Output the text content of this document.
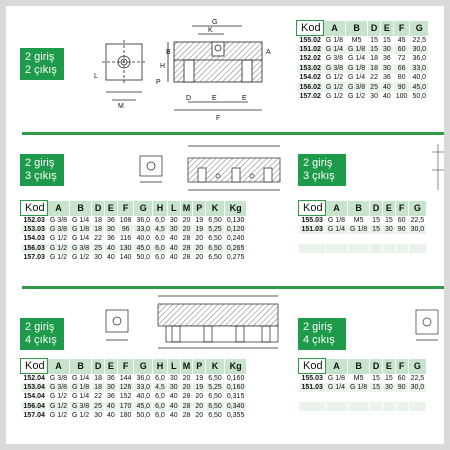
2 giriş
2 çıkış
G
K
A
L
M
H
B
E
D	E
F
P
Kod	A	B	D	E	F	G
155.02	G 1/8	M5	15	15	45	22,5
151.02	G 1/4	G 1/8	15	30	60	30,0
152.02	G 3/8	G 1/4	18	36	72	36,0
153.02	G 3/8	G 1/8	18	30	66	33,0
154.02	G 1/2	G 1/4	22	36	80	40,0
156.02	G 1/2	G 3/8	25	40	90	45,0
157.02	G 1/2	G 1/2	30	40	100	50,0
2 giriş
3 çıkış
Kod	A	B	D	E	F	G	H	L	M	P	K	Kg
152.03	G 3/8	G 1/4	18	36	108	36,0	6,0	30	20	19	6,50	0,130
153.03	G 3/8	G 1/8	18	30	96	33,0	4,5	30	20	19	5,25	0,120
154.03	G 1/2	G 1/4	22	36	116	40,0	6,0	40	28	20	6,50	0,240
156.03	G 1/2	G 3/8	25	40	130	45,0	6,0	40	28	20	6,50	0,265
157.03	G 1/2	G 1/2	30	40	140	50,0	6,0	40	28	20	6,50	0,275
2 giriş
3 çıkış
Kod	A	B	D	E	F	G
155.03	G 1/8	M5	15	15	60	22,5
151.03	G 1/4	G 1/8	15	30	90	30,0

2 giriş
4 çıkış
Kod	A	B	D	E	F	G	H	L	M	P	K	Kg
152.04	G 3/8	G 1/4	18	36	144	36,0	6,0	30	20	19	6,50	0,160
153.04	G 3/8	G 1/8	18	30	126	33,0	4,5	30	20	19	5,25	0,160
154.04	G 1/2	G 1/4	22	36	152	40,0	6,0	40	28	20	6,50	0,315
156.04	G 1/2	G 3/8	25	40	170	45,0	6,0	40	28	20	6,50	0,340
157.04	G 1/2	G 1/2	30	40	180	50,0	6,0	40	28	20	6,50	0,355
2 giriş
4 çıkış
Kod	A	B	D	E	F	G
155.03	G 1/8	M5	15	15	60	22,5
151.03	G 1/4	G 1/8	15	30	90	30,0
